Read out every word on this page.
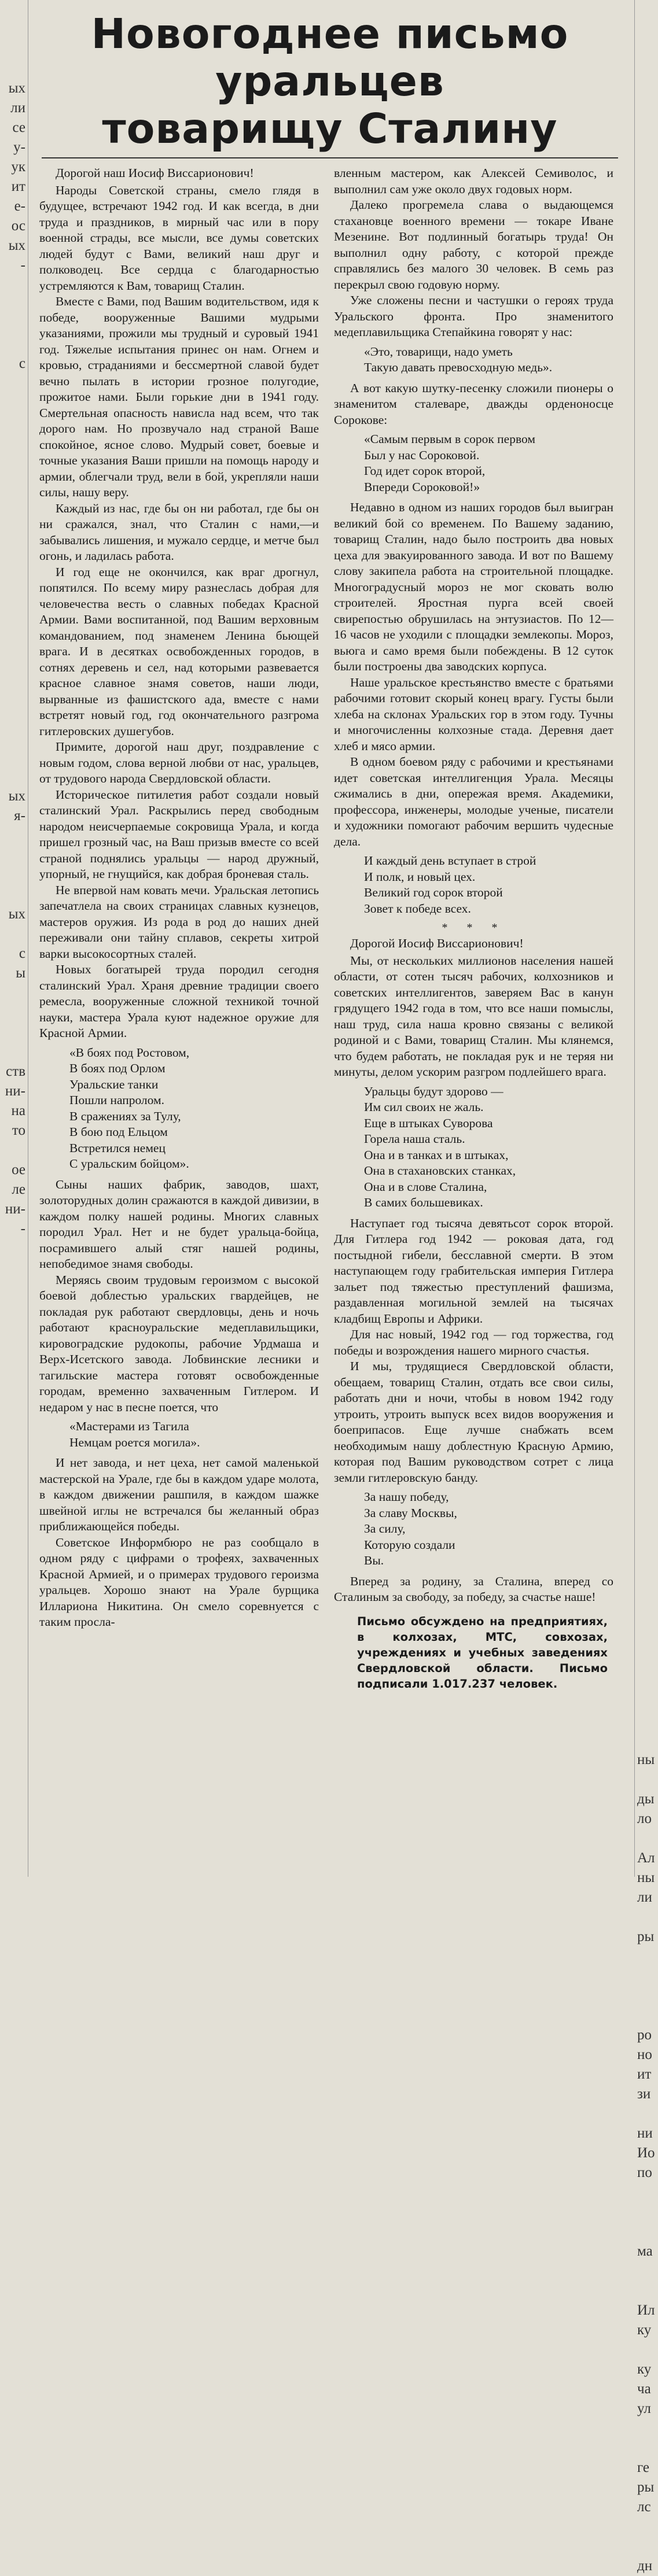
ых
ли
се
у-
ук
ит
е-
ос
ых
-

с

ых
я-

ых

с
ы

ств
ни-
на
то

ое
ле
ни-
-

ны

ды
ло

Ал
ны
ли

ры

ро
но
ит
зи

ни
Ио
по

ма

Ил
ку

ку
ча
ул

ге
ры
лс

дн
Новогоднее письмо уральцев
товарищу Сталину

Дорогой наш Иосиф Виссарионович!

Народы Советской страны, смело глядя в будущее, встречают 1942 год. И как всегда, в дни труда и праздников, в мирный час или в пору военной страды, все мысли, все думы советских людей будут с Вами, великий наш друг и полководец. Все сердца с благодарностью устремляются к Вам, товарищ Сталин.

Вместе с Вами, под Вашим водительством, идя к победе, вооруженные Вашими мудрыми указаниями, прожили мы трудный и суровый 1941 год. Тяжелые испытания принес он нам. Огнем и кровью, страданиями и бессмертной славой будет вечно пылать в истории грозное полугодие, прожитое нами. Были горькие дни в 1941 году. Смертельная опасность нависла над всем, что так дорого нам. Но прозвучало над страной Ваше спокойное, ясное слово. Мудрый совет, боевые и точные указания Ваши пришли на помощь народу и армии, облегчали труд, вели в бой, укрепляли наши силы, нашу веру.

Каждый из нас, где бы он ни работал, где бы он ни сражался, знал, что Сталин с нами,—и забывались лишения, и мужало сердце, и метче был огонь, и ладилась работа.

И год еще не окончился, как враг дрогнул, попятился. По всему миру разнеслась добрая для человечества весть о славных победах Красной Армии. Вами воспитанной, под Вашим верховным командованием, под знаменем Ленина бьющей врага. И в десятках освобожденных городов, в сотнях деревень и сел, над которыми развевается красное славное знамя советов, наши люди, вырванные из фашистского ада, вместе с нами встретят новый год, год окончательного разгрома гитлеровских душегубов.

Примите, дорогой наш друг, поздравление с новым годом, слова верной любви от нас, уральцев, от трудового народа Свердловской области.

Историческое питилетия работ создали новый сталинский Урал. Раскрылись перед свободным народом неисчерпаемые сокровища Урала, и когда пришел грозный час, на Ваш призыв вместе со всей страной поднялись уральцы — народ дружный, упорный, не гнущийся, как добрая броневая сталь.

Не впервой нам ковать мечи. Уральская летопись запечатлела на своих страницах славных кузнецов, мастеров оружия. Из рода в род до наших дней переживали они тайну сплавов, секреты хитрой варки высокосортных сталей.

Новых богатырей труда породил сегодня сталинский Урал. Храня древние традиции своего ремесла, вооруженные сложной техникой точной науки, мастера Урала куют надежное оружие для Красной Армии.

«В боях под Ростовом,
В боях под Орлом
Уральские танки
Пошли напролом.
В сражениях за Тулу,
В бою под Ельцом
Встретился немец
С уральским бойцом».

Сыны наших фабрик, заводов, шахт, золоторудных долин сражаются в каждой дивизии, в каждом полку нашей родины. Многих славных породил Урал. Нет и не будет уральца-бойца, посрамившего алый стяг нашей родины, непобедимое знамя свободы.

Меряясь своим трудовым героизмом с высокой боевой доблестью уральских гвардейцев, не покладая рук работают свердловцы, день и ночь работают красноуральские медеплавильщики, кировоградские рудокопы, рабочие Урдмаша и Верх-Исетского завода. Лобвинские лесники и тагильские мастера готовят освобожденные городам, временно захваченным Гитлером. И недаром у нас в песне поется, что

«Мастерами из Тагила
Немцам роется могила».

И нет завода, и нет цеха, нет самой маленькой мастерской на Урале, где бы в каждом ударе молота, в каждом движении рашпиля, в каждом шажке швейной иглы не встречался бы желанный образ приближающейся победы.

Советское Информбюро не раз сообщало в одном ряду с цифрами о трофеях, захваченных Красной Армией, и о примерах трудового героизма уральцев. Хорошо знают на Урале бурщика Иллариона Никитина. Он смело соревнуется с таким просла-

вленным мастером, как Алексей Семиволос, и выполнил сам уже около двух годовых норм.

Далеко прогремела слава о выдающемся стахановце военного времени — токаре Иване Мезенине. Вот подлинный богатырь труда! Он выполнил одну работу, с которой прежде справлялись без малого 30 человек. В семь раз перекрыл свою годовую норму.

Уже сложены песни и частушки о героях труда Уральского фронта. Про знаменитого медеплавильщика Степайкина говорят у нас:

«Это, товарищи, надо уметь
Такую давать превосходную медь».

А вот какую шутку-песенку сложили пионеры о знаменитом сталеваре, дважды орденоносце Сорокове:

«Самым первым в сорок первом
Был у нас Сороковой.
Год идет сорок второй,
Впереди Сороковой!»

Недавно в одном из наших городов был выигран великий бой со временем. По Вашему заданию, товарищ Сталин, надо было построить два новых цеха для эвакуированного завода. И вот по Вашему слову закипела работа на строительной площадке. Многоградусный мороз не мог сковать волю строителей. Яростная пурга всей своей свирепостью обрушилась на энтузиастов. По 12—16 часов не уходили с площадки землекопы. Мороз, вьюга и само время были побеждены. В 12 суток были построены два заводских корпуса.

Наше уральское крестьянство вместе с братьями рабочими готовит скорый конец врагу. Густы были хлеба на склонах Уральских гор в этом году. Тучны и многочисленны колхозные стада. Деревня дает хлеб и мясо армии.

В одном боевом ряду с рабочими и крестьянами идет советская интеллигенция Урала. Месяцы сжимались в дни, опережая время. Академики, профессора, инженеры, молодые ученые, писатели и художники помогают рабочим вершить чудесные дела.

И каждый день вступает в строй
И полк, и новый цех.
Великий год сорок второй
Зовет к победе всех.
* * *

Дорогой Иосиф Виссарионович!

Мы, от нескольких миллионов населения нашей области, от сотен тысяч рабочих, колхозников и советских интеллигентов, заверяем Вас в канун грядущего 1942 года в том, что все наши помыслы, наш труд, сила наша кровно связаны с великой родиной и с Вами, товарищ Сталин. Мы клянемся, что будем работать, не покладая рук и не теряя ни минуты, делом ускорим разгром подлейшего врага.

Уральцы будут здорово —
Им сил своих не жаль.
Еще в штыках Суворова
Горела наша сталь.
Она и в танках и в штыках,
Она в стахановских станках,
Она и в слове Сталина,
В самих большевиках.

Наступает год тысяча девятьсот сорок второй. Для Гитлера год 1942 — роковая дата, год постыдной гибели, бесславной смерти. В этом наступающем году грабительская империя Гитлера зальет под тяжестью преступлений фашизма, раздавленная могильной землей на тысячах кладбищ Европы и Африки.

Для нас новый, 1942 год — год торжества, год победы и возрождения нашего мирного счастья.

И мы, трудящиеся Свердловской области, обещаем, товарищ Сталин, отдать все свои силы, работать дни и ночи, чтобы в новом 1942 году утроить, утроить выпуск всех видов вооружения и боеприпасов. Еще лучше снабжать всем необходимым нашу доблестную Красную Армию, которая под Вашим руководством сотрет с лица земли гитлеровскую банду.

За нашу победу,
За славу Москвы,
За силу,
Которую создали
Вы.

Вперед за родину, за Сталина, вперед со Сталиным за свободу, за победу, за счастье наше!

Письмо обсуждено на предприятиях, в колхозах, МТС, совхозах, учреждениях и учебных заведениях Свердловской области. Письмо подписали 1.017.237 человек.
